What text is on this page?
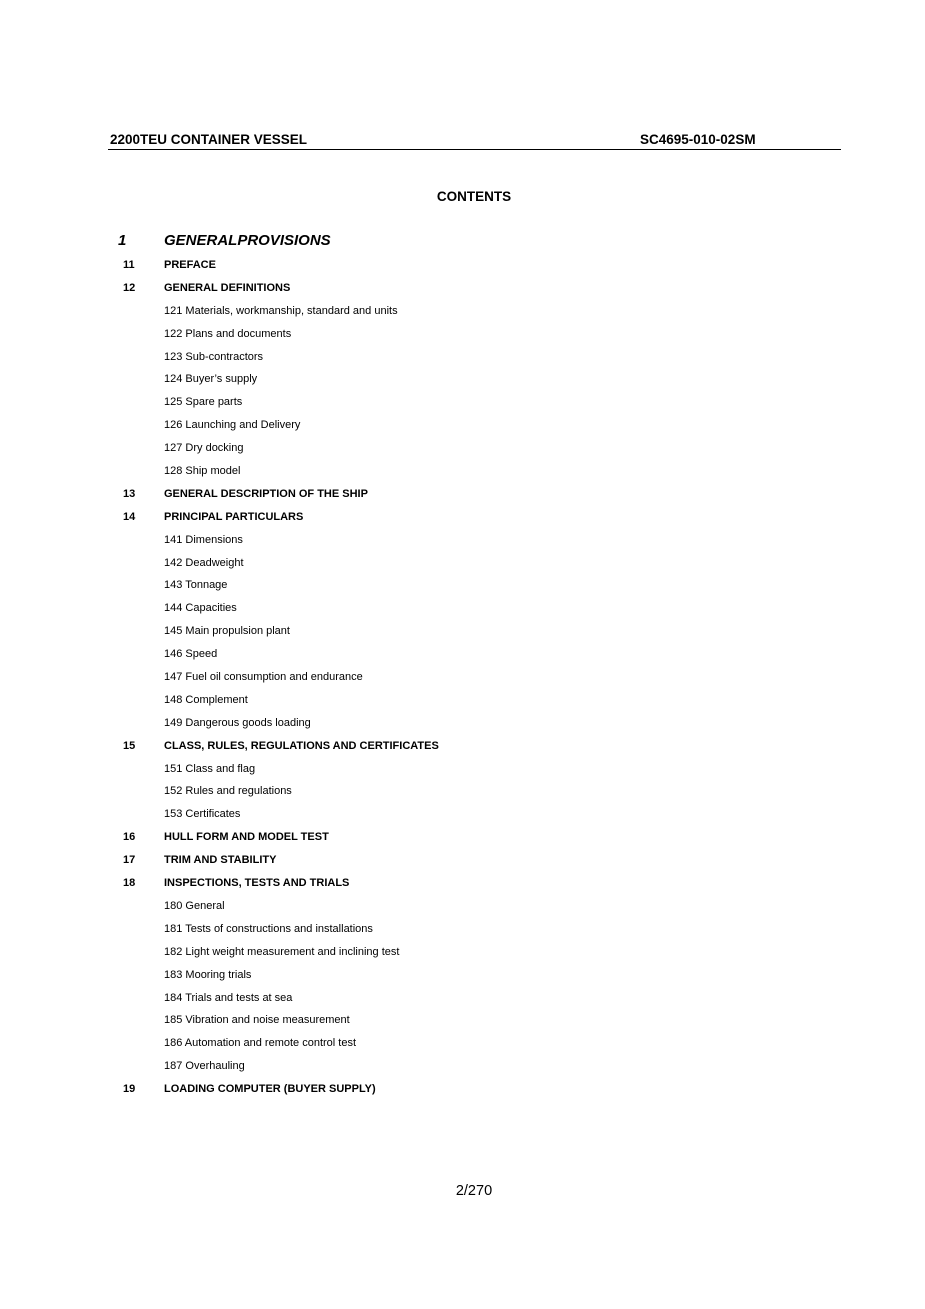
2200TEU CONTAINER VESSEL	SC4695-010-02SM
CONTENTS
1	GENERALPROVISIONS
11	PREFACE
12	GENERAL DEFINITIONS
121 Materials, workmanship, standard and units
122 Plans and documents
123 Sub-contractors
124 Buyer’s supply
125 Spare parts
126 Launching and Delivery
127 Dry docking
128 Ship model
13	GENERAL DESCRIPTION OF THE SHIP
14	PRINCIPAL PARTICULARS
141 Dimensions
142 Deadweight
143 Tonnage
144 Capacities
145 Main propulsion plant
146 Speed
147 Fuel oil consumption and endurance
148 Complement
149 Dangerous goods loading
15	CLASS, RULES, REGULATIONS AND CERTIFICATES
151 Class and flag
152 Rules and regulations
153 Certificates
16	HULL FORM AND MODEL TEST
17	TRIM AND STABILITY
18	INSPECTIONS, TESTS AND TRIALS
180 General
181 Tests of constructions and installations
182 Light weight measurement and inclining test
183 Mooring trials
184 Trials and tests at sea
185 Vibration and noise measurement
186 Automation and remote control test
187 Overhauling
19	LOADING COMPUTER (BUYER SUPPLY)
2/270
